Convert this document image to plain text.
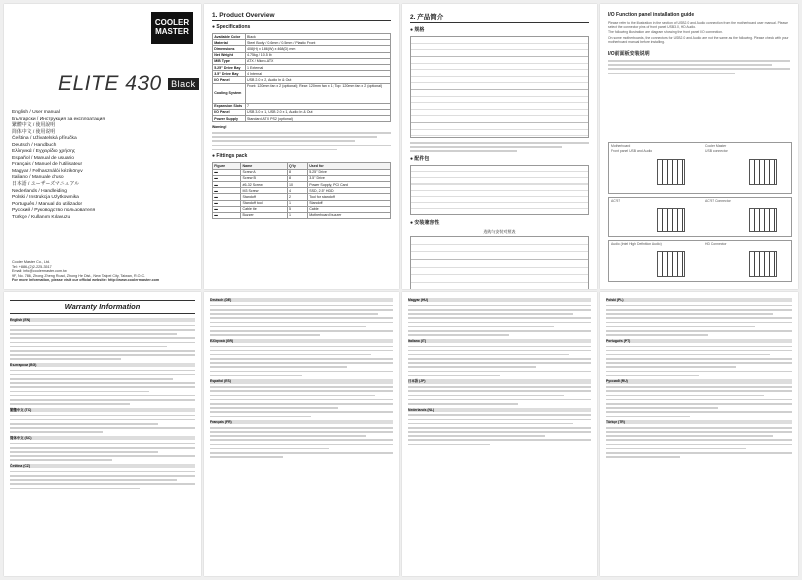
COOLER
MASTER
ELITE 430 Black
English / User manual
Български / Инструкция за експлоатация
繁體中文 / 使用說明
简体中文 / 使用说明
Čeština / Uživatelská příručka
Deutsch / Handbuch
Ελληνικά / Εγχειρίδιο χρήσης
Español / Manual de usuario
Français / Manuel de l’utilisateur
Magyar / Felhasználói kézikönyv
Italiano / Manuale d’uso
日本語 / ユーザーズマニュアル
Nederlands / Handleiding
Polski / Instrukcja Użytkownika
Português / Manual do utilizador
Русский / Руководство пользователя
Türkçe / Kullanım Kılavuzu
Cooler Master Co., Ltd.
Tel: +886-(2)2-225-3517
Email: info@coolermaster.com.tw
9F, No. 786, Zhong Zheng Road, Zhong He Dist., New Taipei City, Taiwan, R.O.C.
For more information, please visit our official website: http://www.coolermaster.com
1. Product Overview
● Specifications
Available Color	Black
Material	Steel Body / 0.6mm / 0.5mm / Plastic Front
Dimensions	408(H) x 186(W) x 468(D) mm
Net Weight	4.75kg / 10.5 lb
M/B Type	ATX / Micro-ATX
5.25" Drive Bay	1 External
3.5" Drive Bay	4 Internal
I/O Panel	USB 2.0 x 2, Audio In & Out
Cooling System	Front: 120mm fan x 2 (optional); Rear: 120mm fan x 1; Top: 120mm fan x 2 (optional)
Expansion Slots	7
I/O Panel	USB 3.0 x 1, USB 2.0 x 1, Audio In & Out
Power Supply	Standard ATX PS2 (optional)
Warning!
● Fittings pack
Figure	Name	Q'ty	Used for
▬	Screw A	8	5.25" Drive
▬	Screw B	8	3.5" Drive
▬	#6-32 Screw	10	Power Supply, PCI Card
▬	M3 Screw	4	SSD, 2.5" HDD
▬	Standoff	2	Tool for standoff
▬	Standoff tool	1	Standoff
▬	Cable tie	5	Cable
▬	Buzzer	1	Motherboard buzzer
2. 产品简介
● 规格
● 配件包
● 安装兼容性
选购与安装对照表
I/O Function panel installation guide
Please refer to the illustration in the section of USB2.0 and Audio connection from the motherboard user manual. Please select the connector pins of front panel USB3.0, HD Audio.
The following illustration are diagram showing the front panel I/O connection.
On some motherboards, the connectors for USB2.0 and Audio are not the same as the following. Please check with your motherboard manual before installing.
I/O前面板安装说明
Motherboard
Front panel USB and Audio
Cooler Master
USB connector
AC'97	AC'97 Connector
Audio (Intel High Definition Audio)	HD Connector
Warranty Information
English (EN)
Български (BG)
繁體中文 (TC)
简体中文 (SC)
Čeština (CZ)
Deutsch (DE)
Ελληνικά (GR)
Español (ES)
Français (FR)
Magyar (HU)
Italiano (IT)
日本語 (JP)
Nederlands (NL)
Polski (PL)
Português (PT)
Русский (RU)
Türkçe (TR)
